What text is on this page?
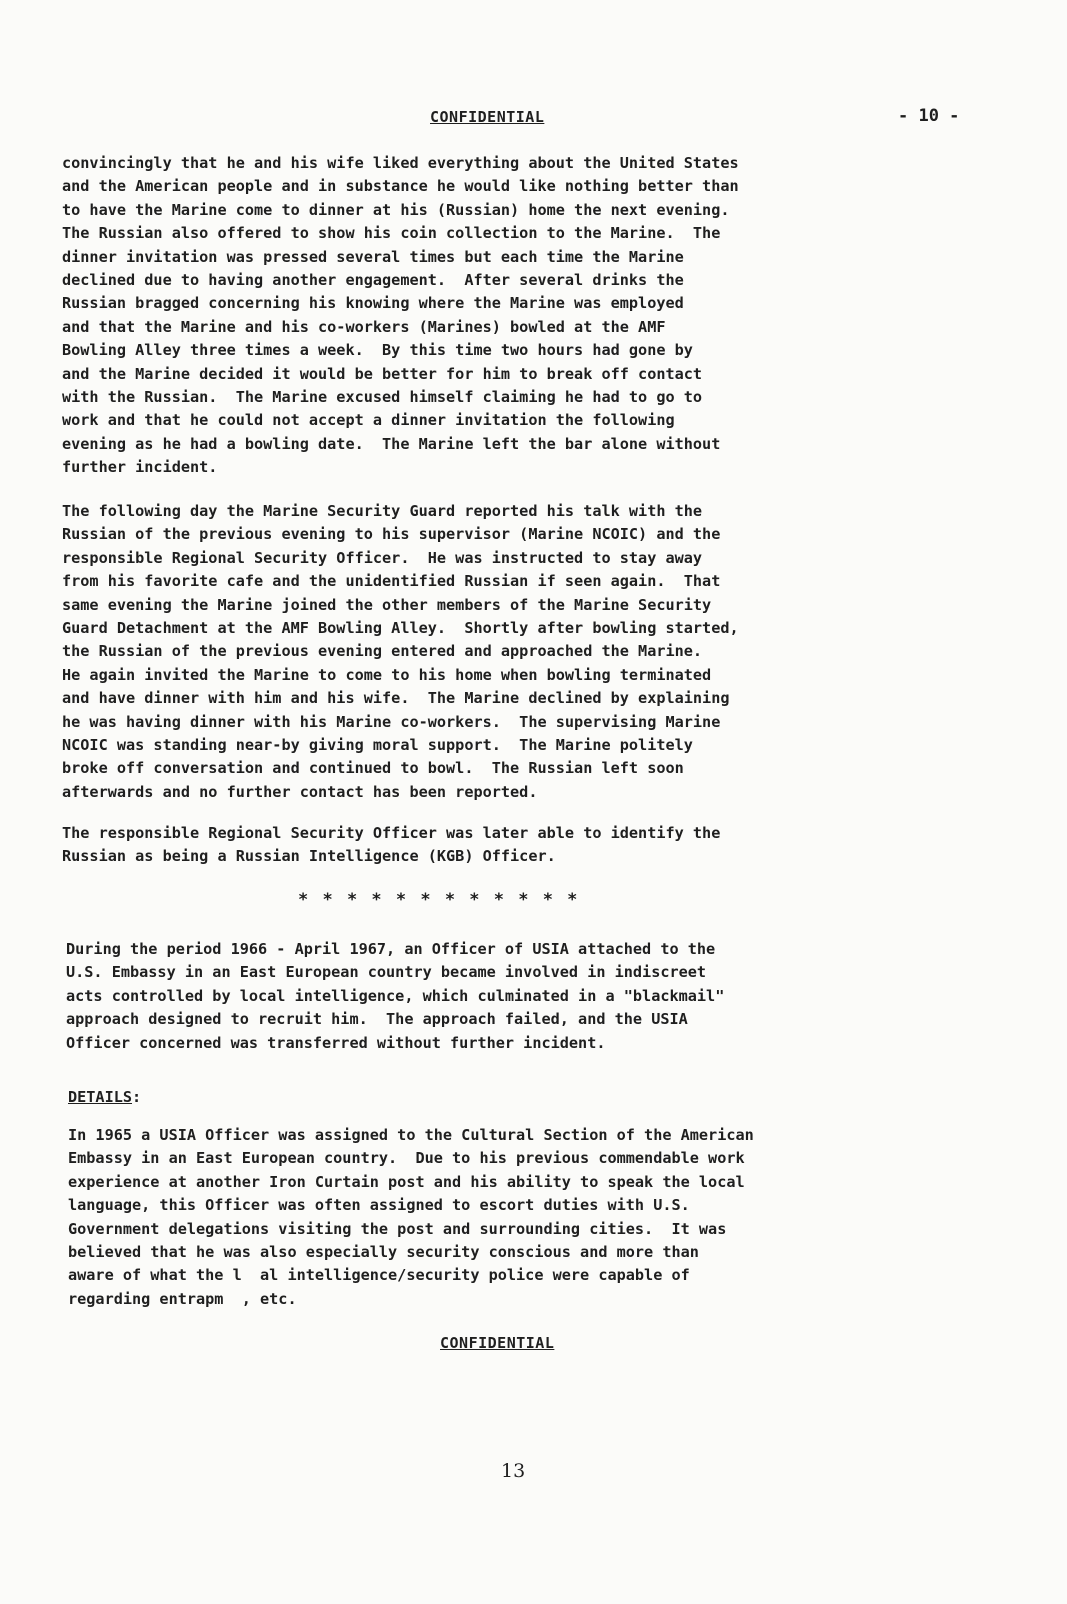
CONFIDENTIAL	- 10 -
convincingly that he and his wife liked everything about the United States
and the American people and in substance he would like nothing better than
to have the Marine come to dinner at his (Russian) home the next evening.
The Russian also offered to show his coin collection to the Marine.  The
dinner invitation was pressed several times but each time the Marine
declined due to having another engagement.  After several drinks the
Russian bragged concerning his knowing where the Marine was employed
and that the Marine and his co-workers (Marines) bowled at the AMF
Bowling Alley three times a week.  By this time two hours had gone by
and the Marine decided it would be better for him to break off contact
with the Russian.  The Marine excused himself claiming he had to go to
work and that he could not accept a dinner invitation the following
evening as he had a bowling date.  The Marine left the bar alone without
further incident.
The following day the Marine Security Guard reported his talk with the
Russian of the previous evening to his supervisor (Marine NCOIC) and the
responsible Regional Security Officer.  He was instructed to stay away
from his favorite cafe and the unidentified Russian if seen again.  That
same evening the Marine joined the other members of the Marine Security
Guard Detachment at the AMF Bowling Alley.  Shortly after bowling started,
the Russian of the previous evening entered and approached the Marine.
He again invited the Marine to come to his home when bowling terminated
and have dinner with him and his wife.  The Marine declined by explaining
he was having dinner with his Marine co-workers.  The supervising Marine
NCOIC was standing near-by giving moral support.  The Marine politely
broke off conversation and continued to bowl.  The Russian left soon
afterwards and no further contact has been reported.
The responsible Regional Security Officer was later able to identify the
Russian as being a Russian Intelligence (KGB) Officer.
* * * * * * * * * * * *
During the period 1966 - April 1967, an Officer of USIA attached to the
U.S. Embassy in an East European country became involved in indiscreet
acts controlled by local intelligence, which culminated in a "blackmail"
approach designed to recruit him.  The approach failed, and the USIA
Officer concerned was transferred without further incident.
DETAILS:
In 1965 a USIA Officer was assigned to the Cultural Section of the American
Embassy in an East European country.  Due to his previous commendable work
experience at another Iron Curtain post and his ability to speak the local
language, this Officer was often assigned to escort duties with U.S.
Government delegations visiting the post and surrounding cities.  It was
believed that he was also especially security conscious and more than
aware of what the l  al intelligence/security police were capable of
regarding entrapm  , etc.
CONFIDENTIAL
13
